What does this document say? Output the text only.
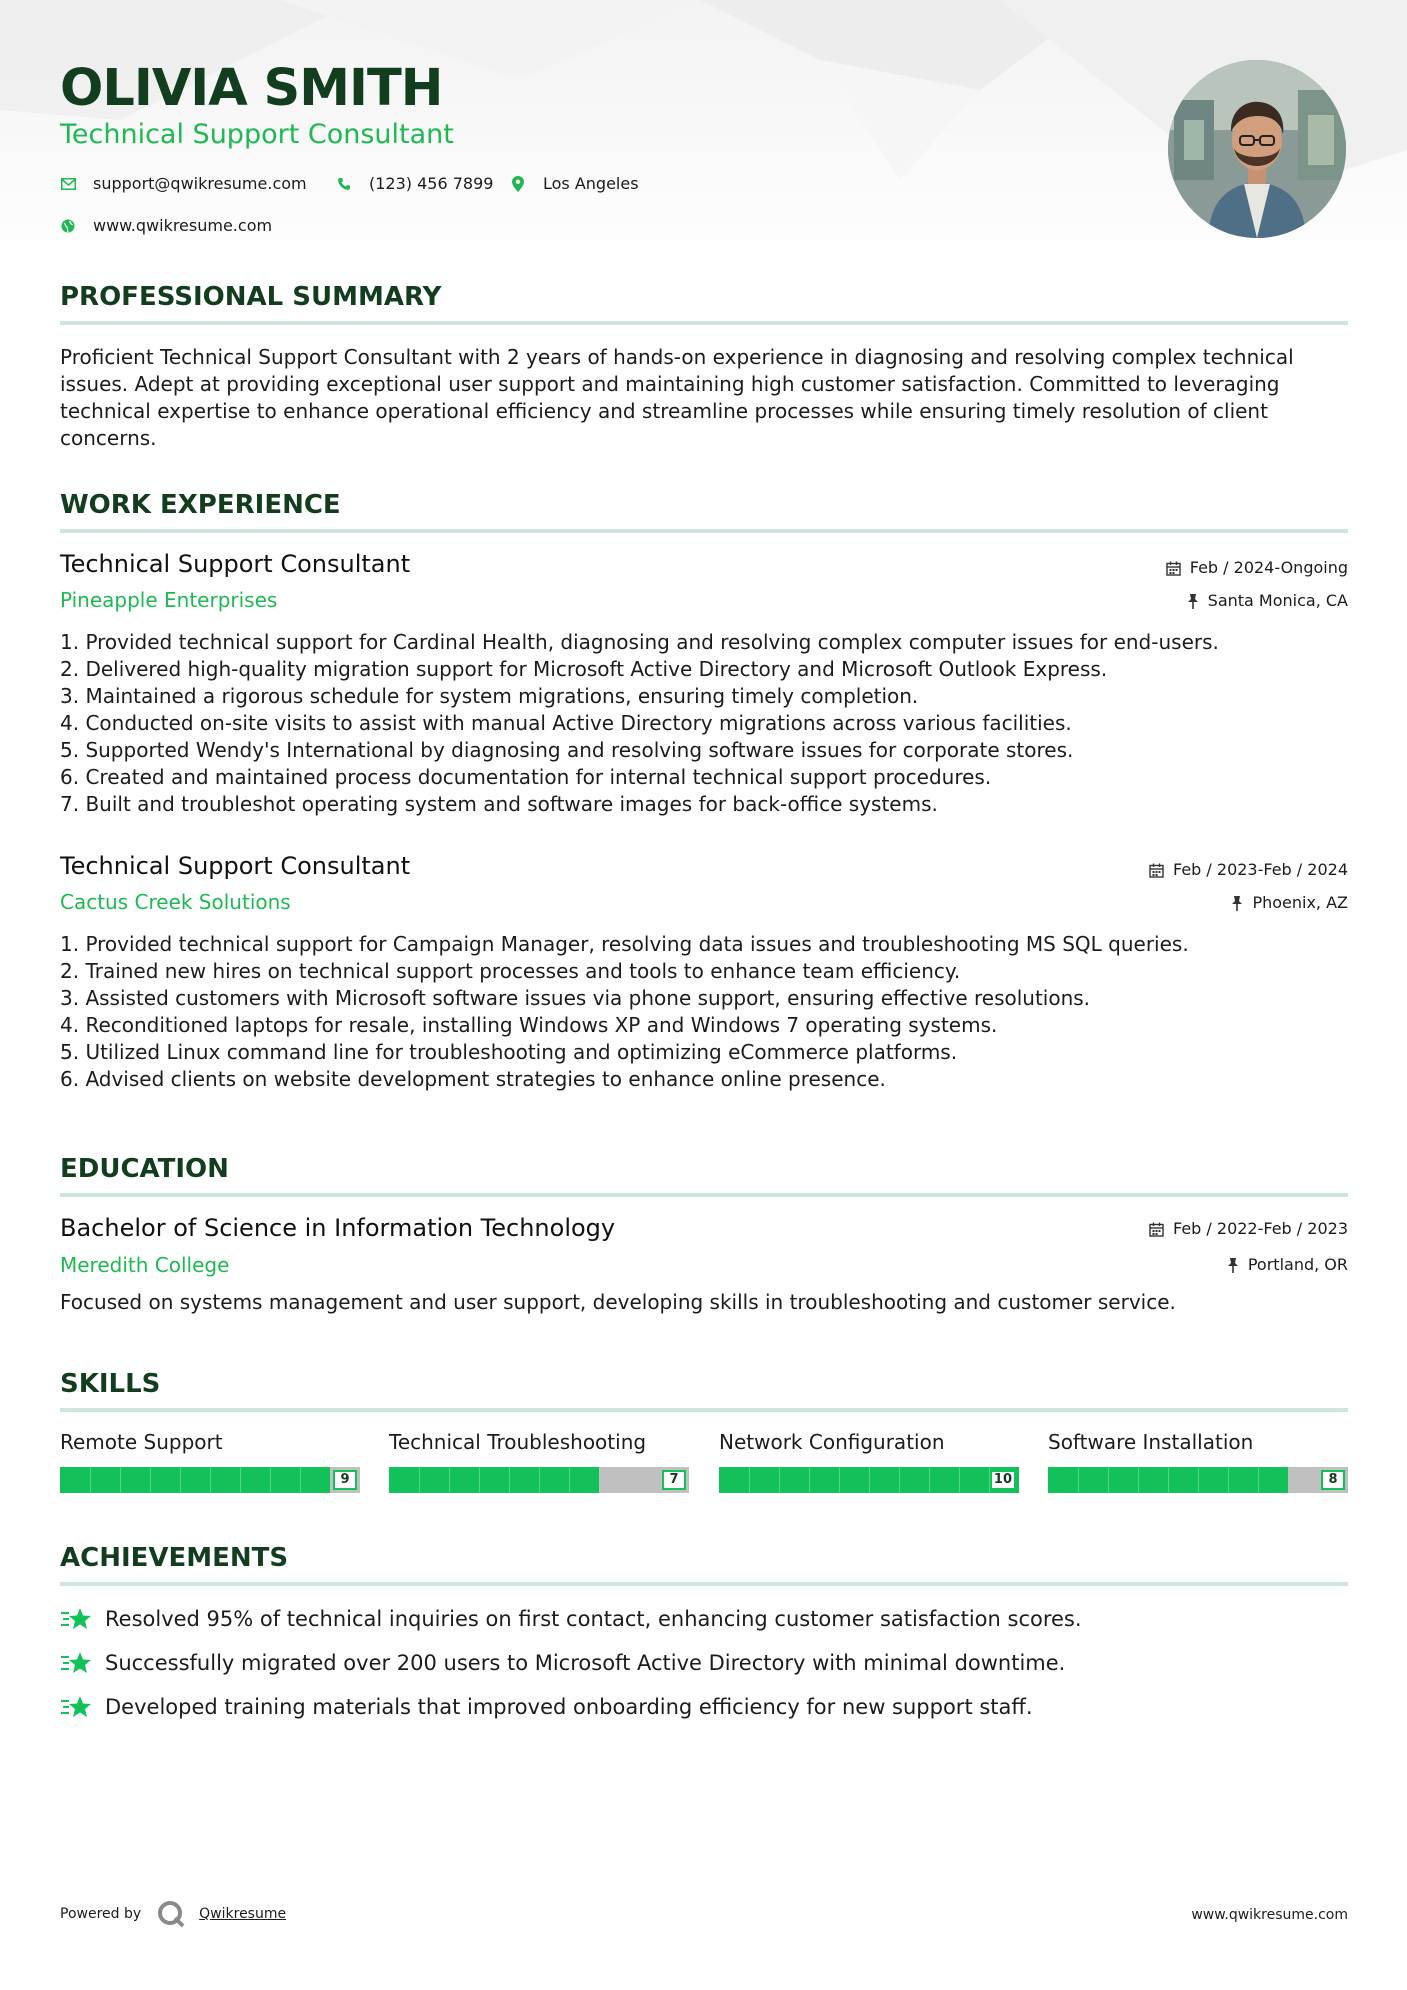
OLIVIA SMITH
Technical Support Consultant
support@qwikresume.com	(123) 456 7899	Los Angeles
www.qwikresume.com
PROFESSIONAL SUMMARY

Proficient Technical Support Consultant with 2 years of hands-on experience in diagnosing and resolving complex technical issues. Adept at providing exceptional user support and maintaining high customer satisfaction. Committed to leveraging technical expertise to enhance operational efficiency and streamline processes while ensuring timely resolution of client concerns.

WORK EXPERIENCE
Technical Support Consultant	Feb / 2024-Ongoing
Pineapple Enterprises	Santa Monica, CA
1. Provided technical support for Cardinal Health, diagnosing and resolving complex computer issues for end-users.
2. Delivered high-quality migration support for Microsoft Active Directory and Microsoft Outlook Express.
3. Maintained a rigorous schedule for system migrations, ensuring timely completion.
4. Conducted on-site visits to assist with manual Active Directory migrations across various facilities.
5. Supported Wendy's International by diagnosing and resolving software issues for corporate stores.
6. Created and maintained process documentation for internal technical support procedures.
7. Built and troubleshot operating system and software images for back-office systems.
Technical Support Consultant	Feb / 2023-Feb / 2024
Cactus Creek Solutions	Phoenix, AZ
1. Provided technical support for Campaign Manager, resolving data issues and troubleshooting MS SQL queries.
2. Trained new hires on technical support processes and tools to enhance team efficiency.
3. Assisted customers with Microsoft software issues via phone support, ensuring effective resolutions.
4. Reconditioned laptops for resale, installing Windows XP and Windows 7 operating systems.
5. Utilized Linux command line for troubleshooting and optimizing eCommerce platforms.
6. Advised clients on website development strategies to enhance online presence.
EDUCATION
Bachelor of Science in Information Technology	Feb / 2022-Feb / 2023
Meredith College	Portland, OR

Focused on systems management and user support, developing skills in troubleshooting and customer service.

SKILLS
Remote Support
9
Technical Troubleshooting
7
Network Configuration
10
Software Installation
8
ACHIEVEMENTS
Resolved 95% of technical inquiries on first contact, enhancing customer satisfaction scores.
Successfully migrated over 200 users to Microsoft Active Directory with minimal downtime.
Developed training materials that improved onboarding efficiency for new support staff.
Powered by	Qwikresume	www.qwikresume.com
